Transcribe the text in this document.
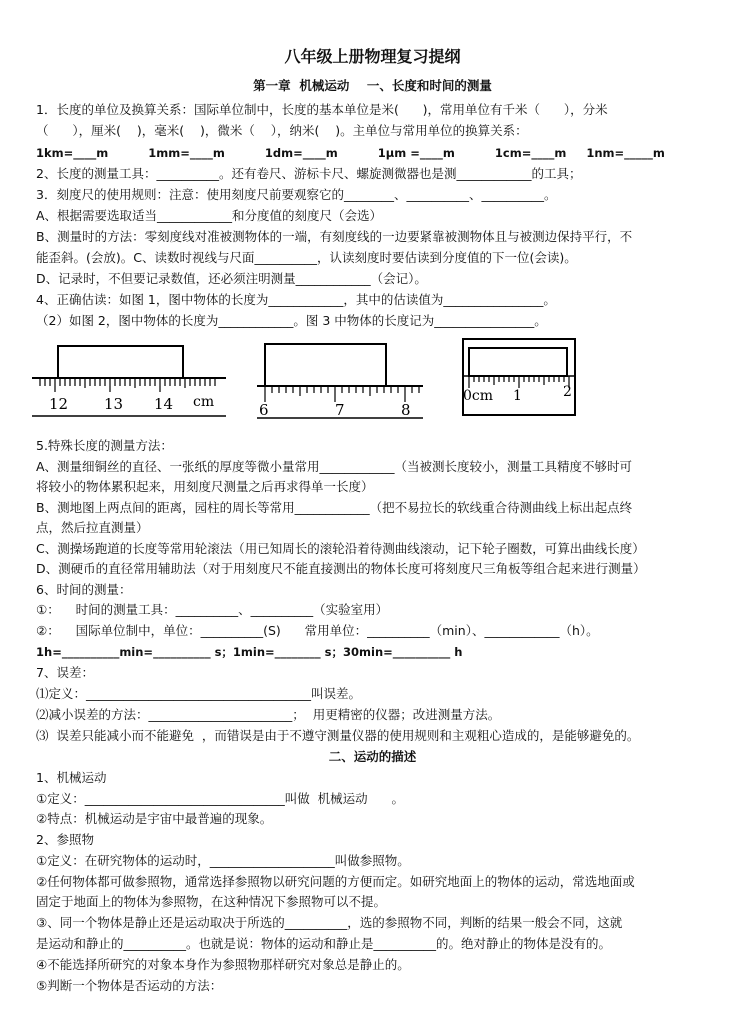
八年级上册物理复习提纲
第一章  机械运动 一、长度和时间的测量
1．长度的单位及换算关系：国际单位制中，长度的基本单位是米(      )，常用单位有千米（      ），分米
（      ），厘米(    )，毫米(    )，微米（    ），纳米(    )。主单位与常用单位的换算关系：
1km=____m          1mm=____m          1dm=____m          1μm =____m          1cm=____m     1nm=_____m
2、长度的测量工具：__________。还有卷尺、游标卡尺、螺旋测微器也是测____________的工具；
3．刻度尺的使用规则：注意：使用刻度尺前要观察它的________、__________、__________。
A、根据需要选取适当____________和分度值的刻度尺（会选）
B、测量时的方法：零刻度线对准被测物体的一端，有刻度线的一边要紧靠被测物体且与被测边保持平行，不
能歪斜。(会放)。C、读数时视线与尺面__________，认读刻度时要估读到分度值的下一位(会读)。
D、记录时，不但要记录数值，还必须注明测量____________（会记）。
4、正确估读：如图 1，图中物体的长度为____________，其中的估读值为________________。
（2）如图 2，图中物体的长度为____________。图 3 中物体的长度记为________________。
12 13 14 cm	6	7	8
0cm 1	2
5.特殊长度的测量方法：
A、测量细铜丝的直径、一张纸的厚度等微小量常用____________（当被测长度较小，测量工具精度不够时可
将较小的物体累积起来，用刻度尺测量之后再求得单一长度）
B、测地图上两点间的距离，园柱的周长等常用____________（把不易拉长的软线重合待测曲线上标出起点终
点，然后拉直测量）
C、测操场跑道的长度等常用轮滚法（用已知周长的滚轮沿着待测曲线滚动，记下轮子圈数，可算出曲线长度）
D、测硬币的直径常用辅助法（对于用刻度尺不能直接测出的物体长度可将刻度尺三角板等组合起来进行测量）
6、时间的测量：
①：    时间的测量工具：__________、__________（实验室用）
②：    国际单位制中，单位：__________(S)      常用单位：__________（min）、____________（h）。
1h=__________min=__________ s；1min=________ s；30min=__________ h
7、误差：
⑴定义：____________________________________叫误差。
⑵减小误差的方法：_______________________；  用更精密的仪器；改进测量方法。
⑶  误差只能减小而不能避免  ，而错误是由于不遵守测量仪器的使用规则和主观粗心造成的，是能够避免的。
二、运动的描述
1、机械运动
①定义：________________________________叫做  机械运动      。
②特点：机械运动是宇宙中最普遍的现象。
2、参照物
①定义：在研究物体的运动时，____________________叫做参照物。
②任何物体都可做参照物，通常选择参照物以研究问题的方便而定。如研究地面上的物体的运动，常选地面或
固定于地面上的物体为参照物，在这种情况下参照物可以不提。
③、同一个物体是静止还是运动取决于所选的__________，选的参照物不同，判断的结果一般会不同，这就
是运动和静止的__________。也就是说：物体的运动和静止是__________的。绝对静止的物体是没有的。
④不能选择所研究的对象本身作为参照物那样研究对象总是静止的。
⑤判断一个物体是否运动的方法：
